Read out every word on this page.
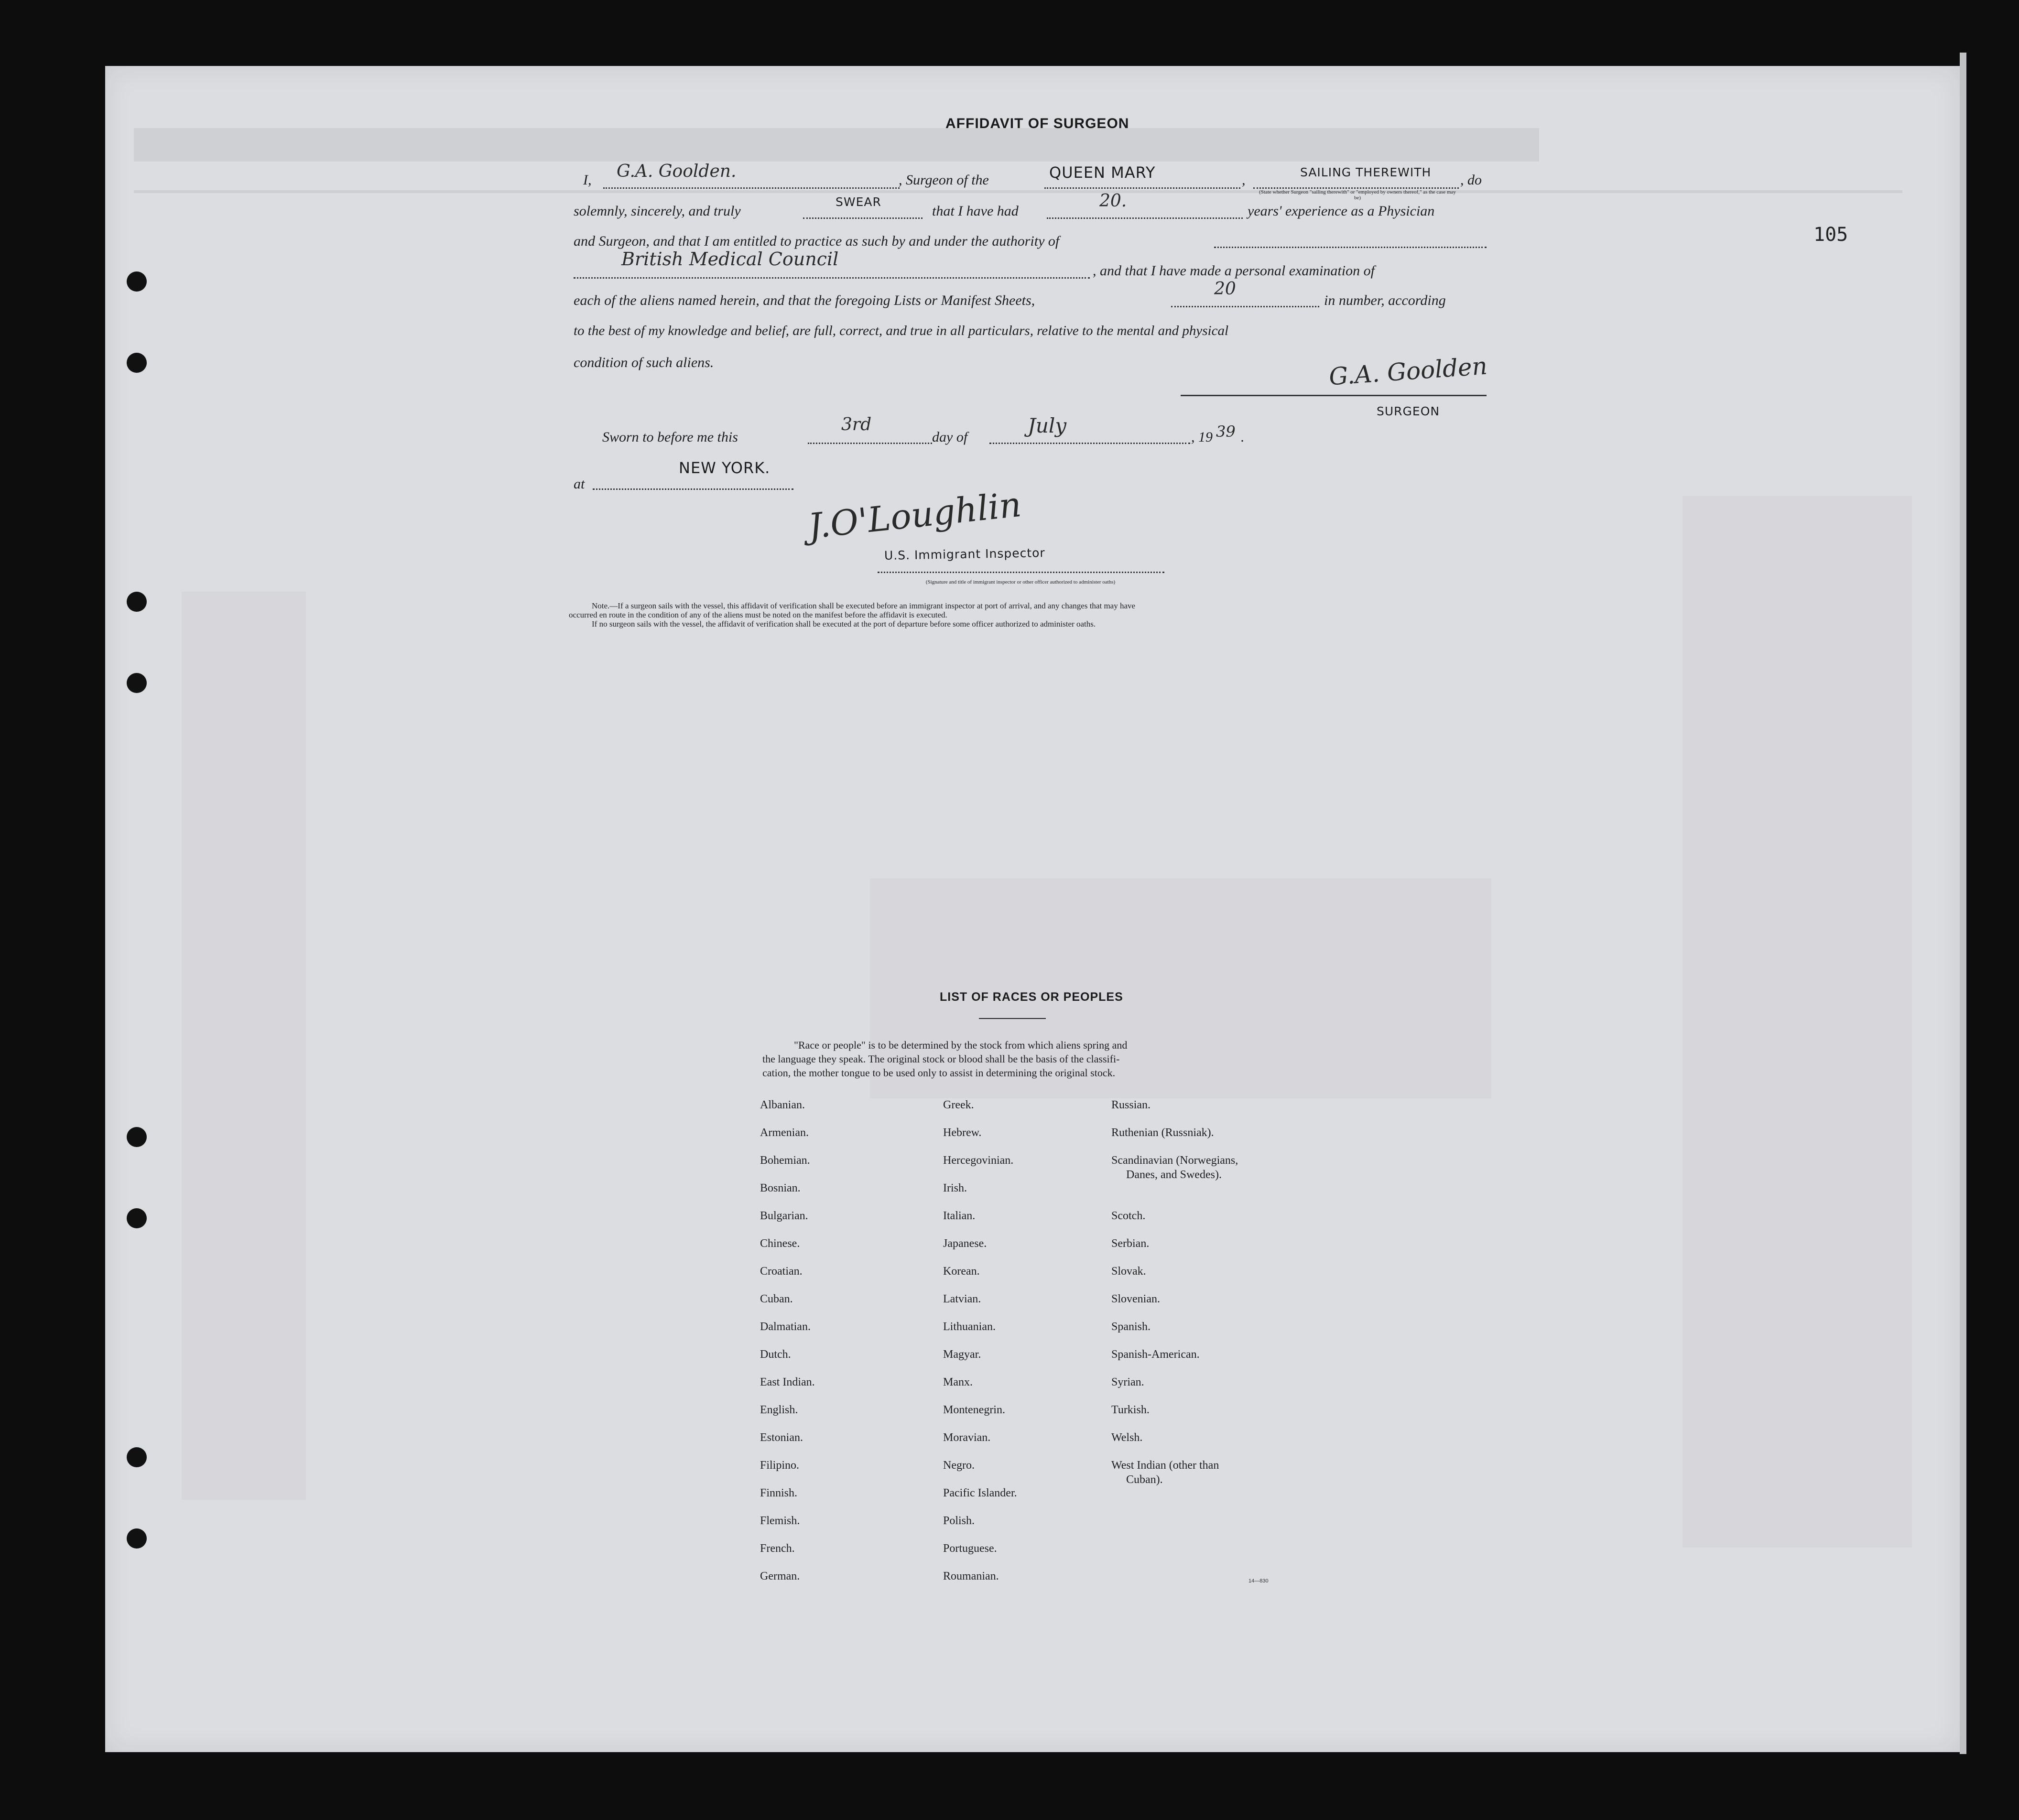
105
AFFIDAVIT OF SURGEON
I, G.A. Goolden.	, Surgeon of the	QUEEN MARY	,	SAILING THEREWITH
(State whether Surgeon "sailing therewith" or "employed by owners thereof," as the case may be)
, do
solemnly, sincerely, and truly
SWEAR
that I have had
20.
years' experience as a Physician
and Surgeon, and that I am entitled to practice as such by and under the authority of
British Medical Council
, and that I have made a personal examination of
each of the aliens named herein, and that the foregoing Lists or Manifest Sheets,
20
in number, according
to the best of my knowledge and belief, are full, correct, and true in all particulars, relative to the mental and physical
condition of such aliens.	G.A. Goolden
SURGEON
Sworn to before me this
3rd
day of	July	, 19 39 .
at
NEW YORK.
J.O'Loughlin
U.S. Immigrant Inspector
(Signature and title of immigrant inspector or other officer authorized to administer oaths)
Note.—If a surgeon sails with the vessel, this affidavit of verification shall be executed before an immigrant inspector at port of arrival, and any changes that may have
occurred en route in the condition of any of the aliens must be noted on the manifest before the affidavit is executed.
If no surgeon sails with the vessel, the affidavit of verification shall be executed at the port of departure before some officer authorized to administer oaths.
LIST OF RACES OR PEOPLES
"Race or people" is to be determined by the stock from which aliens spring and
the language they speak. The original stock or blood shall be the basis of the classifi-
cation, the mother tongue to be used only to assist in determining the original stock.
Albanian.
Armenian.
Bohemian.
Bosnian.
Bulgarian.
Chinese.
Croatian.
Cuban.
Dalmatian.
Dutch.
East Indian.
English.
Estonian.
Filipino.
Finnish.
Flemish.
French.
German.
Greek.
Hebrew.
Hercegovinian.
Irish.
Italian.
Japanese.
Korean.
Latvian.
Lithuanian.
Magyar.
Manx.
Montenegrin.
Moravian.
Negro.
Pacific Islander.
Polish.
Portuguese.
Roumanian.
Russian.
Ruthenian (Russniak).
Scandinavian (Norwegians,
Danes, and Swedes).
Scotch.
Serbian.
Slovak.
Slovenian.
Spanish.
Spanish-American.
Syrian.
Turkish.
Welsh.
West Indian (other than
Cuban).
14—830
